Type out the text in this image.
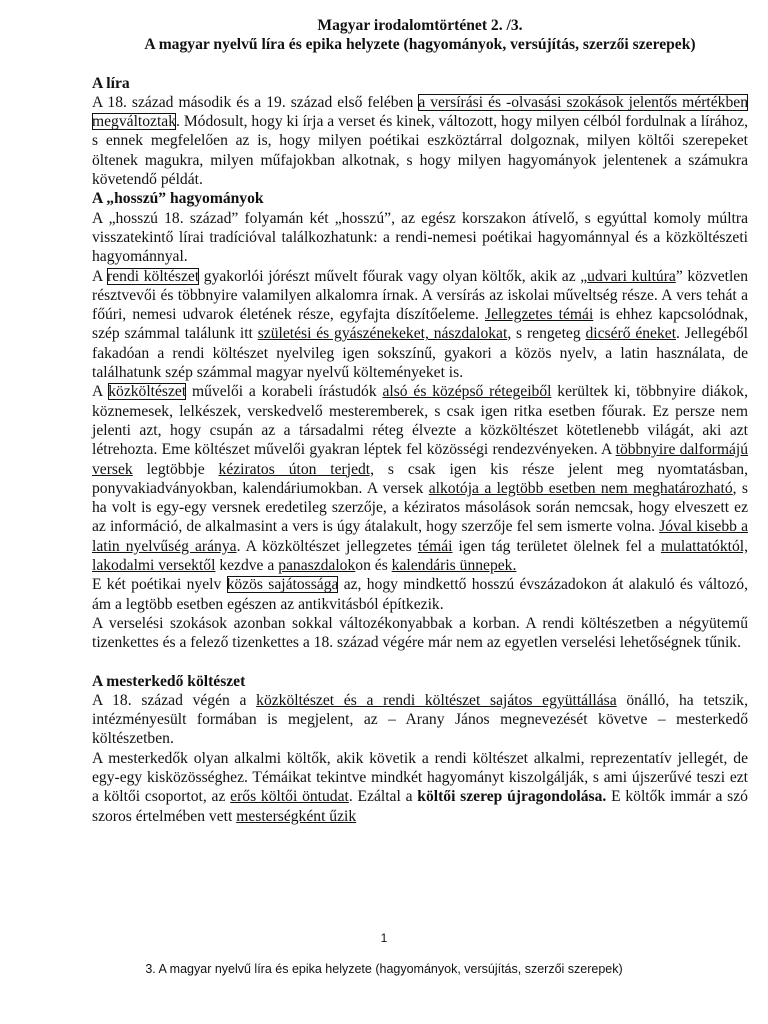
Magyar irodalomtörténet 2. /3.

A magyar nyelvű líra és epika helyzete (hagyományok, versújítás, szerzői szerepek)

A líra

A 18. század második és a 19. század első felében a versírási és -olvasási szokások jelentős mértékben megváltoztak. Módosult, hogy ki írja a verset és kinek, változott, hogy milyen célból fordulnak a lírához, s ennek megfelelően az is, hogy milyen poétikai eszköztárral dolgoznak, milyen költői szerepeket öltenek magukra, milyen műfajokban alkotnak, s hogy milyen hagyományok jelentenek a számukra követendő példát.

A „hosszú” hagyományok

A „hosszú 18. század” folyamán két „hosszú”, az egész korszakon átívelő, s egyúttal komoly múltra visszatekintő lírai tradícióval találkozhatunk: a rendi-nemesi poétikai hagyománnyal és a közköltészeti hagyománnyal.

A rendi költészet gyakorlói jórészt művelt főurak vagy olyan költők, akik az „udvari kultúra” közvetlen résztvevői és többnyire valamilyen alkalomra írnak. A versírás az iskolai műveltség része. A vers tehát a főúri, nemesi udvarok életének része, egyfajta díszítőeleme. Jellegzetes témái is ehhez kapcsolódnak, szép számmal találunk itt születési és gyászénekeket, nászdalokat, s rengeteg dicsérő éneket. Jellegéből fakadóan a rendi költészet nyelvileg igen sokszínű, gyakori a közös nyelv, a latin használata, de találhatunk szép számmal magyar nyelvű költeményeket is.

A közköltészet művelői a korabeli írástudók alsó és középső rétegeiből kerültek ki, többnyire diákok, köznemesek, lelkészek, verskedvelő mesteremberek, s csak igen ritka esetben főurak. Ez persze nem jelenti azt, hogy csupán az a társadalmi réteg élvezte a közköltészet kötetlenebb világát, aki azt létrehozta. Eme költészet művelői gyakran léptek fel közösségi rendezvényeken. A többnyire dalformájú versek legtöbbje kéziratos úton terjedt, s csak igen kis része jelent meg nyomtatásban, ponyvakiadványokban, kalendáriumokban. A versek alkotója a legtöbb esetben nem meghatározható, s ha volt is egy-egy versnek eredetileg szerzője, a kéziratos másolások során nemcsak, hogy elveszett ez az információ, de alkalmasint a vers is úgy átalakult, hogy szerzője fel sem ismerte volna. Jóval kisebb a latin nyelvűség aránya. A közköltészet jellegzetes témái igen tág területet ölelnek fel a mulattatóktól, lakodalmi versektől kezdve a panaszdalokon és kalendáris ünnepek.

E két poétikai nyelv közös sajátossága az, hogy mindkettő hosszú évszázadokon át alakuló és változó, ám a legtöbb esetben egészen az antikvitásból építkezik.

A verselési szokások azonban sokkal változékonyabbak a korban. A rendi költészetben a négyütemű tizenkettes és a felező tizenkettes a 18. század végére már nem az egyetlen verselési lehetőségnek tűnik.

A mesterkedő költészet

A 18. század végén a közköltészet és a rendi költészet sajátos együttállása önálló, ha tetszik, intézményesült formában is megjelent, az – Arany János megnevezését követve – mesterkedő költészetben.

A mesterkedők olyan alkalmi költők, akik követik a rendi költészet alkalmi, reprezentatív jellegét, de egy-egy kisközösséghez. Témáikat tekintve mindkét hagyományt kiszolgálják, s ami újszerűvé teszi ezt a költői csoportot, az erős költői öntudat. Ezáltal a költői szerep újragondolása. E költők immár a szó szoros értelmében vett mesterségként űzik

1
3. A magyar nyelvű líra és epika helyzete (hagyományok, versújítás, szerzői szerepek)
